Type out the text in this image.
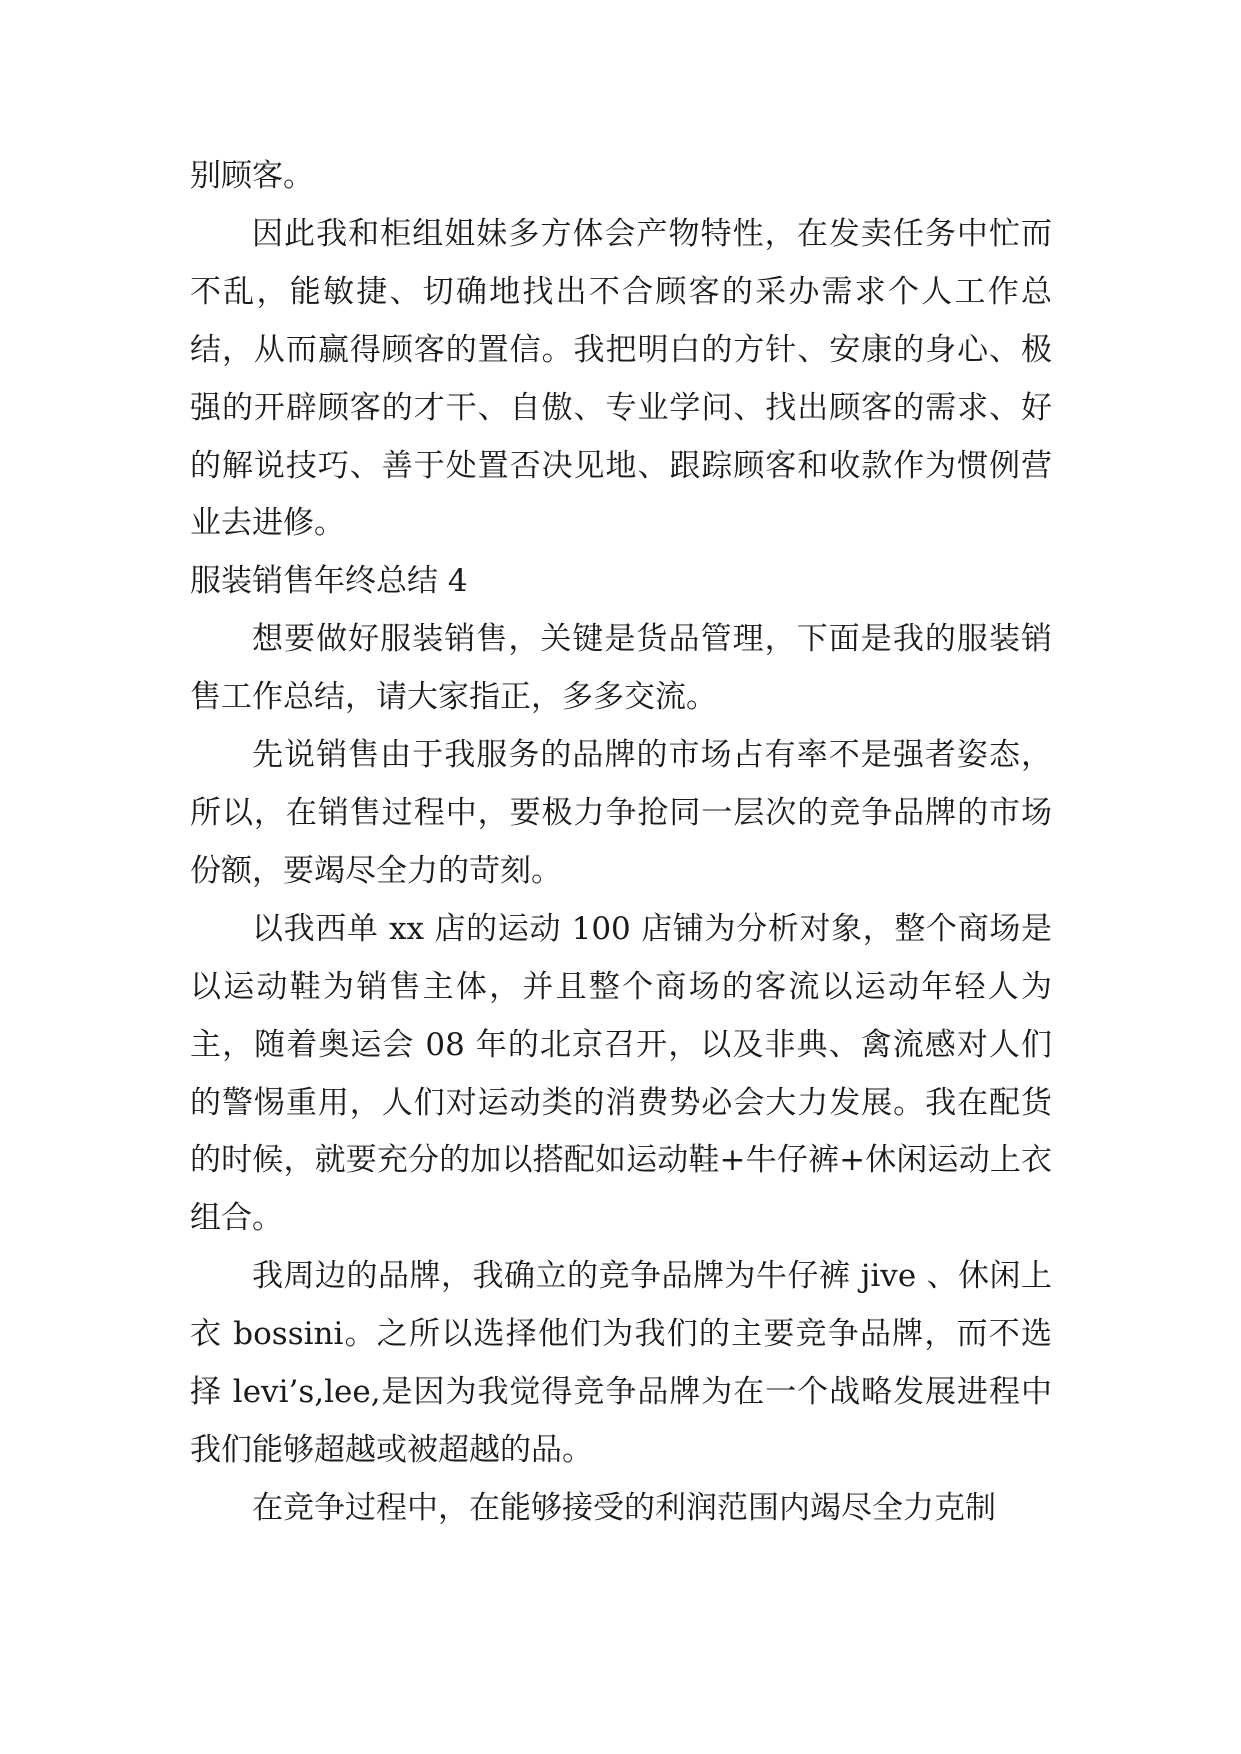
别顾客。

因此我和柜组姐妹多方体会产物特性，在发卖任务中忙而不乱，能敏捷、切确地找出不合顾客的采办需求个人工作总结，从而赢得顾客的置信。我把明白的方针、安康的身心、极强的开辟顾客的才干、自傲、专业学问、找出顾客的需求、好的解说技巧、善于处置否决见地、跟踪顾客和收款作为惯例营业去进修。

服装销售年终总结 4

想要做好服装销售，关键是货品管理，下面是我的服装销售工作总结，请大家指正，多多交流。

先说销售由于我服务的品牌的市场占有率不是强者姿态，所以，在销售过程中，要极力争抢同一层次的竞争品牌的市场份额，要竭尽全力的苛刻。

以我西单 xx 店的运动 100 店铺为分析对象，整个商场是以运动鞋为销售主体，并且整个商场的客流以运动年轻人为主，随着奥运会 08 年的北京召开，以及非典、禽流感对人们的警惕重用，人们对运动类的消费势必会大力发展。我在配货的时候，就要充分的加以搭配如运动鞋+牛仔裤+休闲运动上衣组合。

我周边的品牌，我确立的竞争品牌为牛仔裤 jive 、休闲上衣 bossini。之所以选择他们为我们的主要竞争品牌，而不选择 levi’s,lee,是因为我觉得竞争品牌为在一个战略发展进程中我们能够超越或被超越的品。

在竞争过程中，在能够接受的利润范围内竭尽全力克制
